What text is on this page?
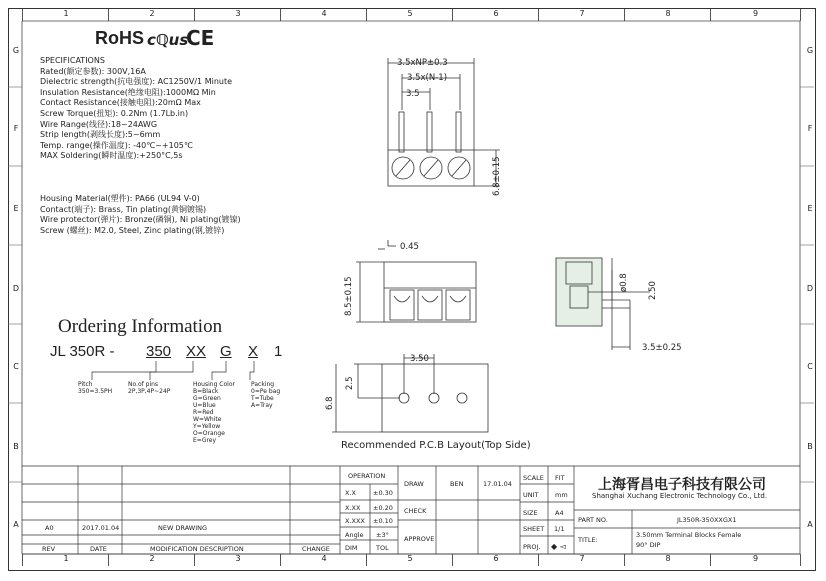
1	2	3	4	5	6	7	8	9
1	2	3	4	5	6	7	8	9
G
F
E
D
C
B
A
G
F
E
D
C
B
A
RoHS cℚus
CE
SPECIFICATIONS
Rated(额定参数): 300V,16A
Dielectric strength(抗电强度): AC1250V/1 Minute
Insulation Resistance(绝缘电阻):1000MΩ Min
Contact Resistance(接触电阻):20mΩ Max
Screw Torque(扭矩): 0.2Nm (1.7Lb.in)
Wire Range(线径):18~24AWG
Strip length(剥线长度):5~6mm
Temp. range(操作温度): -40℃~+105℃
MAX Soldering(瞬时温度):+250°C,5s
Housing Material(塑件): PA66 (UL94 V-0)
Contact(端子): Brass, Tin plating(黄铜镀锡)
Wire protector(弹片): Bronze(磷铜), Ni plating(镀镍)
Screw (螺丝): M2.0, Steel, Zinc plating(钢,镀锌)
Ordering Information
JL 350R - 350 XX G X 1
Pitch
350=3.5PH
No.of pins
2P,3P,4P~24P
Housing Color
B=Black
G=Green
U=Blue
R=Red
W=White
Y=Yellow
O=Orange
E=Grey
Packing
0=Pe bag
T=Tube
A=Tray
3.5xNP±0.3
3.5x(N-1)
3.5
6.8±0.15
0.45
8.5±0.15	ø0.8 2.50
3.5±0.25
3.50
2.5
6.8
Recommended P.C.B Layout(Top Side)
OPERATION
X.X	±0.30
X.XX ±0.20
X.XXX ±0.10
Angle ±3°
DIM	TOL
DRAW	BEN	17.01.04
CHECK
APPROVE
SCALE FIT
UNIT	mm
SIZE	A4
SHEET 1/1
PROJ. ◆ ◅
上海胥昌电子科技有限公司
Shanghai Xuchang Electronic Technology Co., Ltd.
PART NO.	JL350R-350XXGX1
TITLE:
3.50mm Terminal Blocks Female
90° DIP
A0	2017.01.04	NEW DRAWING
REV	DATE	MODIFICATION DESCRIPTION	CHANGE
